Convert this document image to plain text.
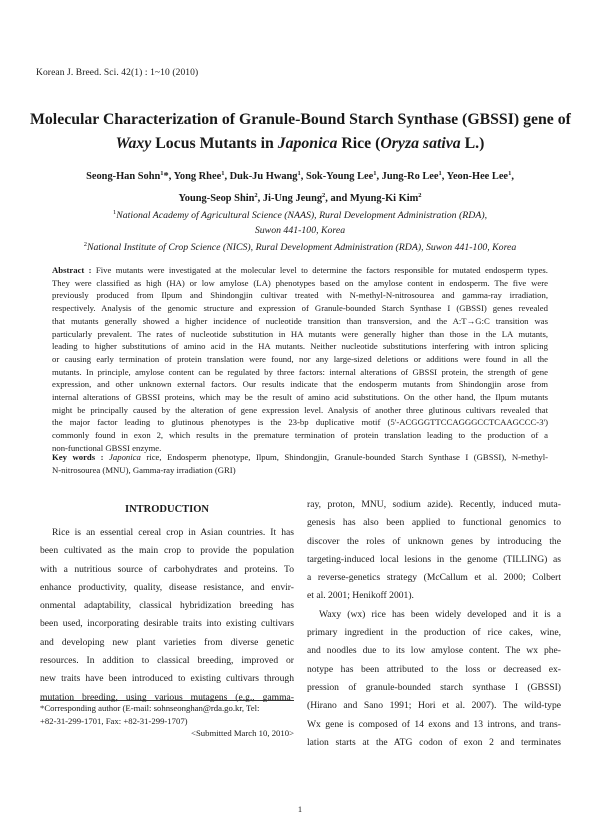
Korean J. Breed. Sci. 42(1) : 1~10 (2010)
Molecular Characterization of Granule-Bound Starch Synthase (GBSSI) gene of
Waxy Locus Mutants in Japonica Rice (Oryza sativa L.)
Seong-Han Sohn$^1$*, Yong Rhee$^1$, Duk-Ju Hwang$^1$, Sok-Young Lee$^1$, Jung-Ro Lee$^1$, Yeon-Hee Lee$^1$,
Young-Seop Shin$^2$, Ji-Ung Jeung$^2$, and Myung-Ki Kim$^2$
$^1$National Academy of Agricultural Science (NAAS), Rural Development Administration (RDA),
Suwon 441-100, Korea
$^2$National Institute of Crop Science (NICS), Rural Development Administration (RDA), Suwon 441-100, Korea
Abstract : Five mutants were investigated at the molecular level to determine the factors responsible for mutated endosperm types.
They were classified as high (HA) or low amylose (LA) phenotypes based on the amylose content in endosperm. The five were
previously produced from Ilpum and Shindongjin cultivar treated with N-methyl-N-nitrosourea and gamma-ray irradiation,
respectively. Analysis of the genomic structure and expression of Granule-bounded Starch Synthase I (GBSSI) genes revealed
that mutants generally showed a higher incidence of nucleotide transition than transversion, and the A:T→G:C transition was
particularly prevalent. The rates of nucleotide substitution in HA mutants were generally higher than those in the LA mutants,
leading to higher substitutions of amino acid in the HA mutants. Neither nucleotide substitutions interfering with intron splicing
or causing early termination of protein translation were found, nor any large-sized deletions or additions were found in all the
mutants. In principle, amylose content can be regulated by three factors: internal alterations of GBSSI protein, the strength of gene
expression, and other unknown external factors. Our results indicate that the endosperm mutants from Shindongjin arose from
internal alterations of GBSSI proteins, which may be the result of amino acid substitutions. On the other hand, the Ilpum mutants
might be principally caused by the alteration of gene expression level. Analysis of another three glutinous cultivars revealed that
the major factor leading to glutinous phenotypes is the 23-bp duplicative motif (5'-ACGGGTTCCAGGGCCTCAAGCCC-3')
commonly found in exon 2, which results in the premature termination of protein translation leading to the production of a
non-functional GBSSI enzyme.
Key words : Japonica rice, Endosperm phenotype, Ilpum, Shindongjin, Granule-bounded Starch Synthase I (GBSSI), N-methyl-
N-nitrosourea (MNU), Gamma-ray irradiation (GRI)
INTRODUCTION
Rice is an essential cereal crop in Asian countries. It has
been cultivated as the main crop to provide the population
with a nutritious source of carbohydrates and proteins. To
enhance productivity, quality, disease resistance, and envir-
onmental adaptability, classical hybridization breeding has
been used, incorporating desirable traits into existing cultivars
and developing new plant varieties from diverse genetic
resources. In addition to classical breeding, improved or
new traits have been introduced to existing cultivars through
mutation breeding, using various mutagens (e.g., gamma-
ray, proton, MNU, sodium azide). Recently, induced muta-
genesis has also been applied to functional genomics to
discover the roles of unknown genes by introducing the
targeting-induced local lesions in the genome (TILLING) as
a reverse-genetics strategy (McCallum et al. 2000; Colbert
et al. 2001; Henikoff 2001).
Waxy (wx) rice has been widely developed and it is a
primary ingredient in the production of rice cakes, wine,
and noodles due to its low amylose content. The wx phe-
notype has been attributed to the loss or decreased ex-
pression of granule-bounded starch synthase I (GBSSI)
(Hirano and Sano 1991; Hori et al. 2007). The wild-type
Wx gene is composed of 14 exons and 13 introns, and trans-
lation starts at the ATG codon of exon 2 and terminates
*Corresponding author (E-mail: sohnseonghan@rda.go.kr, Tel:
+82-31-299-1701, Fax: +82-31-299-1707)
<Submitted March 10, 2010>
1
